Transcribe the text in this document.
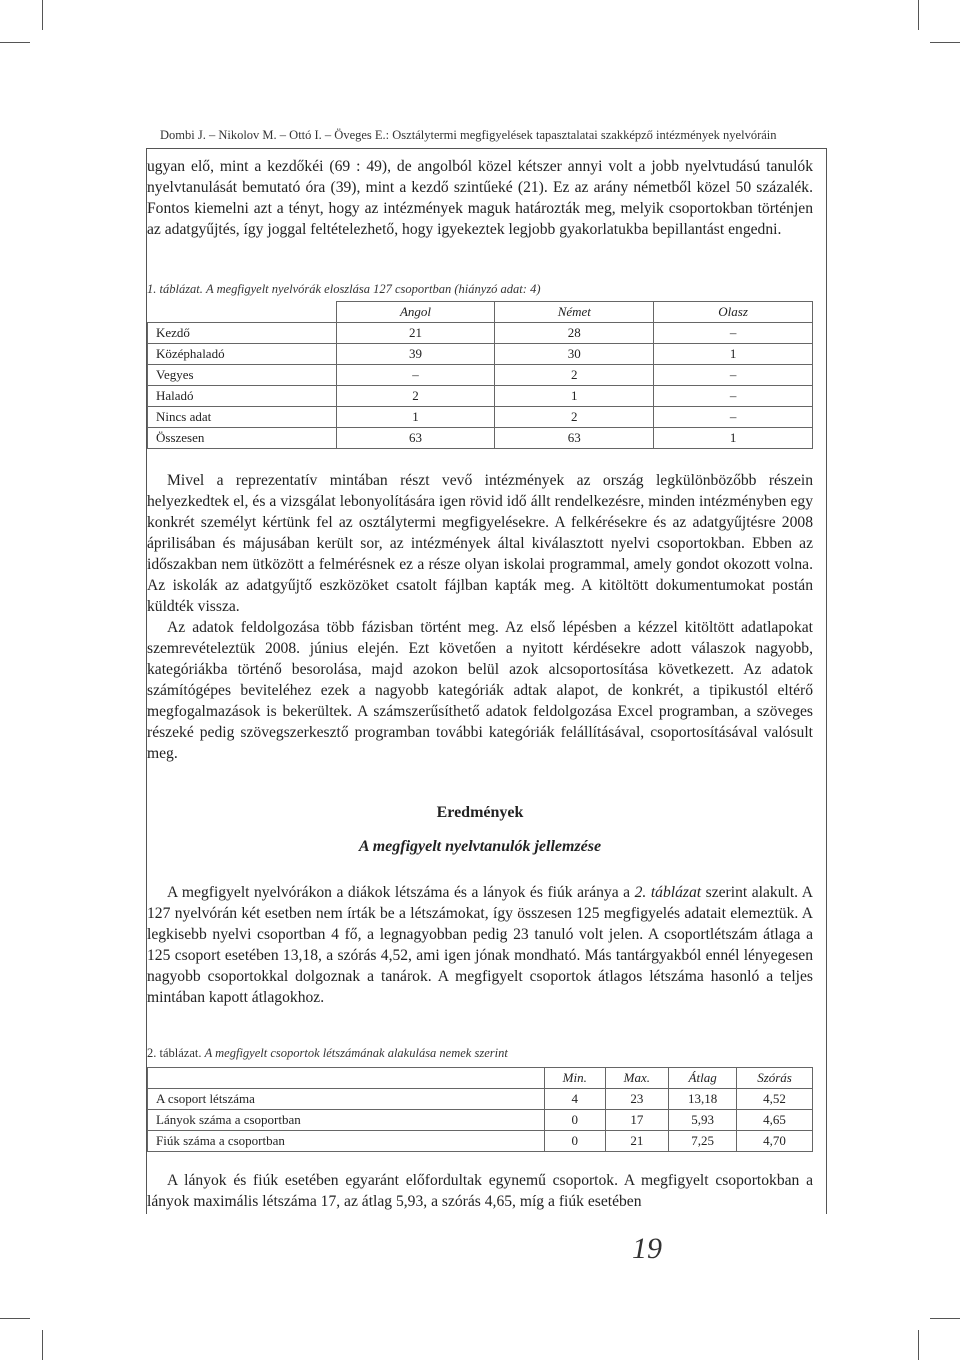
Dombi J. – Nikolov M. – Ottó I. – Öveges E.: Osztálytermi megfigyelések tapasztalatai szakképző intézmények nyelvóráin

ugyan elő, mint a kezdőkéi (69 : 49), de angolból közel kétszer annyi volt a jobb nyelvtudású tanulók nyelvtanulását bemutató óra (39), mint a kezdő szintűeké (21). Ez az arány németből közel 50 százalék. Fontos kiemelni azt a tényt, hogy az intézmények maguk határozták meg, melyik csoportokban történjen az adatgyűjtés, így joggal feltételezhető, hogy igyekeztek legjobb gyakorlatukba bepillantást engedni.

1. táblázat. A megfigyelt nyelvórák eloszlása 127 csoportban (hiányzó adat: 4)
	Angol	Német	Olasz
Kezdő	21	28	–
Középhaladó	39	30	1
Vegyes	–	2	–
Haladó	2	1	–
Nincs adat	1	2	–
Összesen	63	63	1

Mivel a reprezentatív mintában részt vevő intézmények az ország legkülönbözőbb részein helyezkedtek el, és a vizsgálat lebonyolítására igen rövid idő állt rendelkezésre, minden intézményben egy konkrét személyt kértünk fel az osztálytermi megfigyelésekre. A felkérésekre és az adatgyűjtésre 2008 áprilisában és májusában került sor, az intézmények által kiválasztott nyelvi csoportokban. Ebben az időszakban nem ütközött a felmérésnek ez a része olyan iskolai programmal, amely gondot okozott volna. Az iskolák az adatgyűjtő eszközöket csatolt fájlban kapták meg. A kitöltött dokumentumokat postán küldték vissza.

Az adatok feldolgozása több fázisban történt meg. Az első lépésben a kézzel kitöltött adatlapokat szemrevételeztük 2008. június elején. Ezt követően a nyitott kérdésekre adott válaszok nagyobb, kategóriákba történő besorolása, majd azokon belül azok alcsoportosítása következett. Az adatok számítógépes beviteléhez ezek a nagyobb kategóriák adtak alapot, de konkrét, a tipikustól eltérő megfogalmazások is bekerültek. A számszerűsíthető adatok feldolgozása Excel programban, a szöveges részeké pedig szövegszerkesztő programban további kategóriák felállításával, csoportosításával valósult meg.

Eredmények
A megfigyelt nyelvtanulók jellemzése

A megfigyelt nyelvórákon a diákok létszáma és a lányok és fiúk aránya a 2. táblázat szerint alakult. A 127 nyelvórán két esetben nem írták be a létszámokat, így összesen 125 megfigyelés adatait elemeztük. A legkisebb nyelvi csoportban 4 fő, a legnagyobban pedig 23 tanuló volt jelen. A csoportlétszám átlaga a 125 csoport esetében 13,18, a szórás 4,52, ami igen jónak mondható. Más tantárgyakból ennél lényegesen nagyobb csoportokkal dolgoznak a tanárok. A megfigyelt csoportok átlagos létszáma hasonló a teljes mintában kapott átlagokhoz.

2. táblázat. A megfigyelt csoportok létszámának alakulása nemek szerint
	Min.	Max.	Átlag	Szórás
A csoport létszáma	4	23	13,18	4,52
Lányok száma a csoportban	0	17	5,93	4,65
Fiúk száma a csoportban	0	21	7,25	4,70

A lányok és fiúk esetében egyaránt előfordultak egynemű csoportok. A megfigyelt csoportokban a lányok maximális létszáma 17, az átlag 5,93, a szórás 4,65, míg a fiúk esetében

19
